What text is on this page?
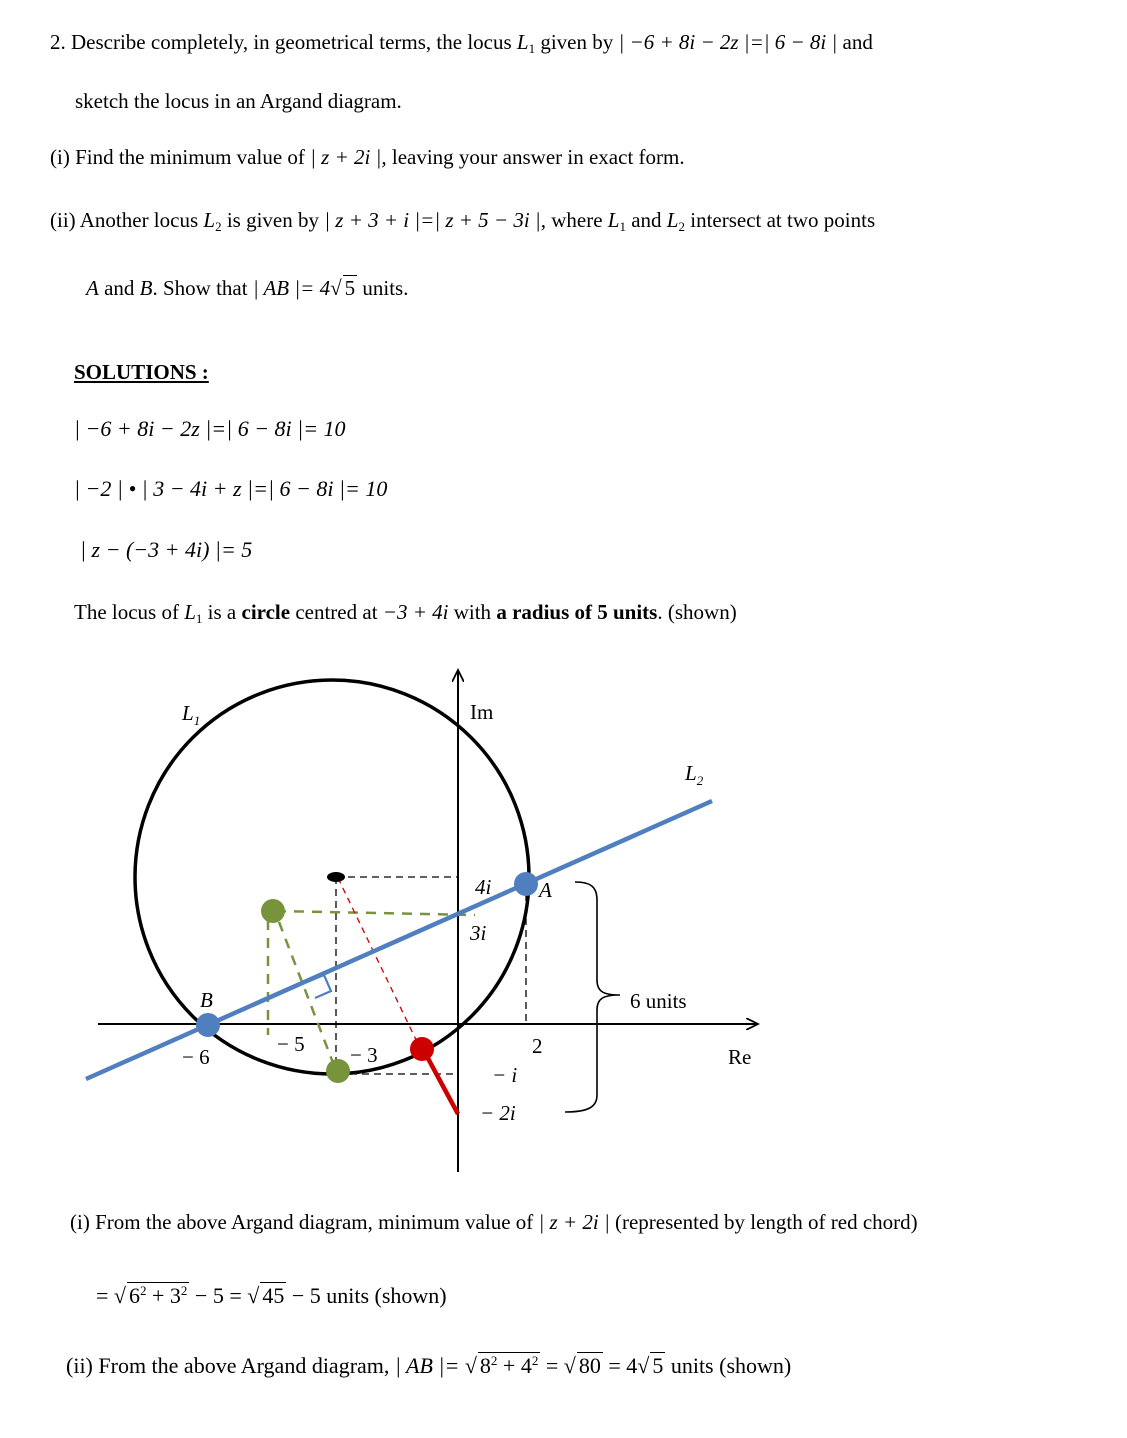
2. Describe completely, in geometrical terms, the locus $L_1$ given by | −6 + 8i − 2z |=| 6 − 8i | and
sketch the locus in an Argand diagram.
(i) Find the minimum value of | z + 2i |, leaving your answer in exact form.
(ii) Another locus $L_2$ is given by | z + 3 + i |=| z + 5 − 3i |, where $L_1$ and $L_2$ intersect at two points
A and B. Show that | AB |= 4√ 5 units.
SOLUTIONS :
| −6 + 8i − 2z |=| 6 − 8i |= 10
| −2 | • | 3 − 4i + z |=| 6 − 8i |= 10
| z − (−3 + 4i) |= 5
The locus of $L_1$ is a circle centred at −3 + 4i with a radius of 5 units. (shown)
Im
Re
$L_1$
$L_2$
4i
3i
A
B
− 6
− 5 − 3	2
− i
− 2i
6 units
(i) From the above Argand diagram, minimum value of | z + 2i | (represented by length of red chord)
= √ $6^2 + 3^2 - 5$ = √ 45 − 5 units (shown)
(ii) From the above Argand diagram, | AB |= √ $8^2 + 4^2$ = √ 80 = 4√ 5 units (shown)
